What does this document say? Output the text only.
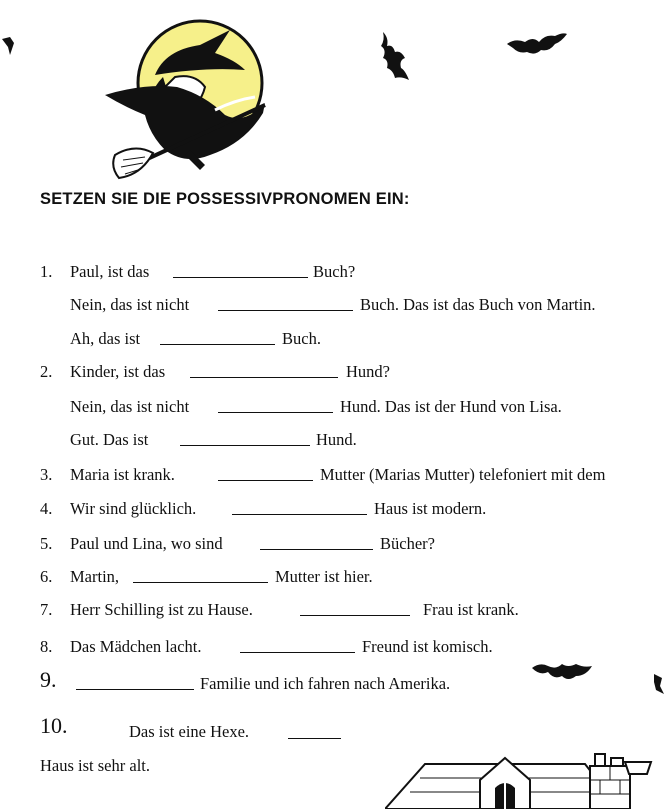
SETZEN SIE DIE POSSESSIVPRONOMEN EIN:
1. Paul, ist das	Buch?
Nein, das ist nicht	Buch. Das ist das Buch von Martin.
Ah, das ist	Buch.
2. Kinder, ist das	Hund?
Nein, das ist nicht	Hund. Das ist der Hund von Lisa.
Gut. Das ist	Hund.
3. Maria ist krank.	Mutter (Marias Mutter) telefoniert mit dem
4. Wir sind glücklich.	Haus ist modern.
5. Paul und Lina, wo sind	Bücher?
6. Martin,	Mutter ist hier.
7. Herr Schilling ist zu Hause.	Frau ist krank.
8. Das Mädchen lacht.	Freund ist komisch.
9.	Familie und ich fahren nach Amerika.
10.	Das ist eine Hexe.
Haus ist sehr alt.
